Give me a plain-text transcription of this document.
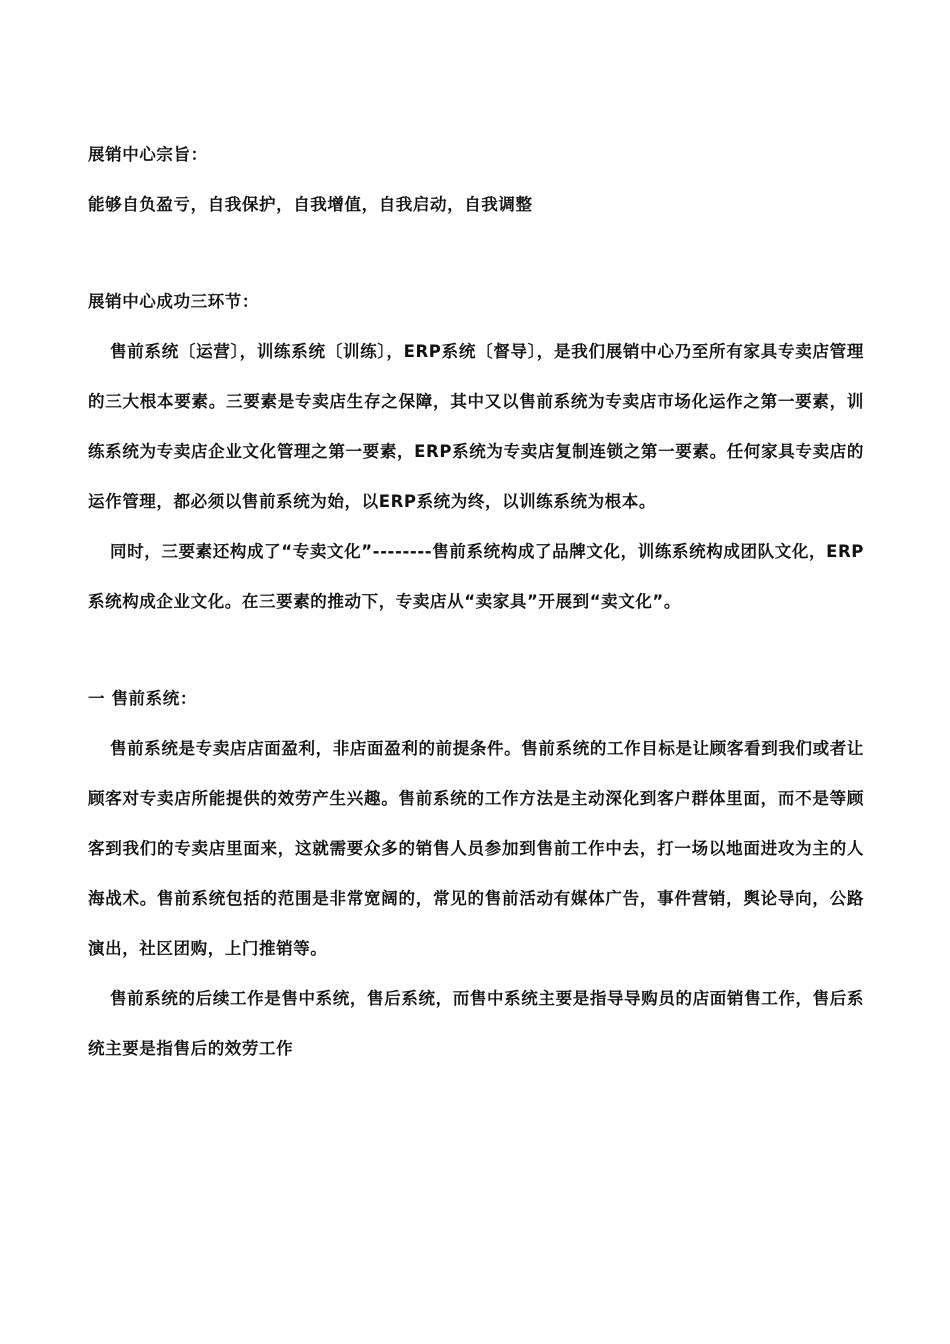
展销中心宗旨：

能够自负盈亏，自我保护，自我增值，自我启动，自我调整

展销中心成功三环节：

售前系统〔运营〕，训练系统〔训练〕，ERP系统〔督导〕，是我们展销中心乃至所有家具专卖店管理的三大根本要素。三要素是专卖店生存之保障，其中又以售前系统为专卖店市场化运作之第一要素，训练系统为专卖店企业文化管理之第一要素，ERP系统为专卖店复制连锁之第一要素。任何家具专卖店的运作管理，都必须以售前系统为始，以ERP系统为终，以训练系统为根本。

同时，三要素还构成了“专卖文化”--------售前系统构成了品牌文化，训练系统构成团队文化，ERP系统构成企业文化。在三要素的推动下，专卖店从“卖家具”开展到“卖文化”。

一 售前系统：

售前系统是专卖店店面盈利，非店面盈利的前提条件。售前系统的工作目标是让顾客看到我们或者让顾客对专卖店所能提供的效劳产生兴趣。售前系统的工作方法是主动深化到客户群体里面，而不是等顾客到我们的专卖店里面来，这就需要众多的销售人员参加到售前工作中去，打一场以地面进攻为主的人海战术。售前系统包括的范围是非常宽阔的，常见的售前活动有媒体广告，事件营销，舆论导向，公路演出，社区团购，上门推销等。

售前系统的后续工作是售中系统，售后系统，而售中系统主要是指导导购员的店面销售工作，售后系统主要是指售后的效劳工作
